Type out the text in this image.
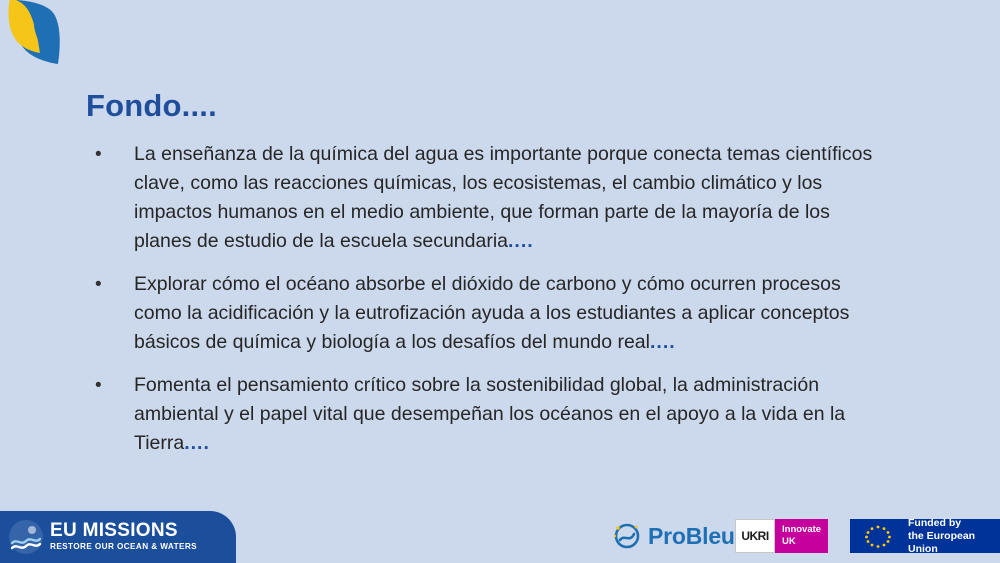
Fondo....
•	La enseñanza de la química del agua es importante porque conecta temas científicos clave, como las reacciones químicas, los ecosistemas, el cambio climático y los impactos humanos en el medio ambiente, que forman parte de la mayoría de los planes de estudio de la escuela secundaria....
•	Explorar cómo el océano absorbe el dióxido de carbono y cómo ocurren procesos como la acidificación y la eutrofización ayuda a los estudiantes a aplicar conceptos básicos de química y biología a los desafíos del mundo real....
•	Fomenta el pensamiento crítico sobre la sostenibilidad global, la administración ambiental y el papel vital que desempeñan los océanos en el apoyo a la vida en la Tierra....
EU MISSIONS
RESTORE OUR OCEAN & WATERS	ProBleu UKRI Innovate
UK
Funded by
the European Union
